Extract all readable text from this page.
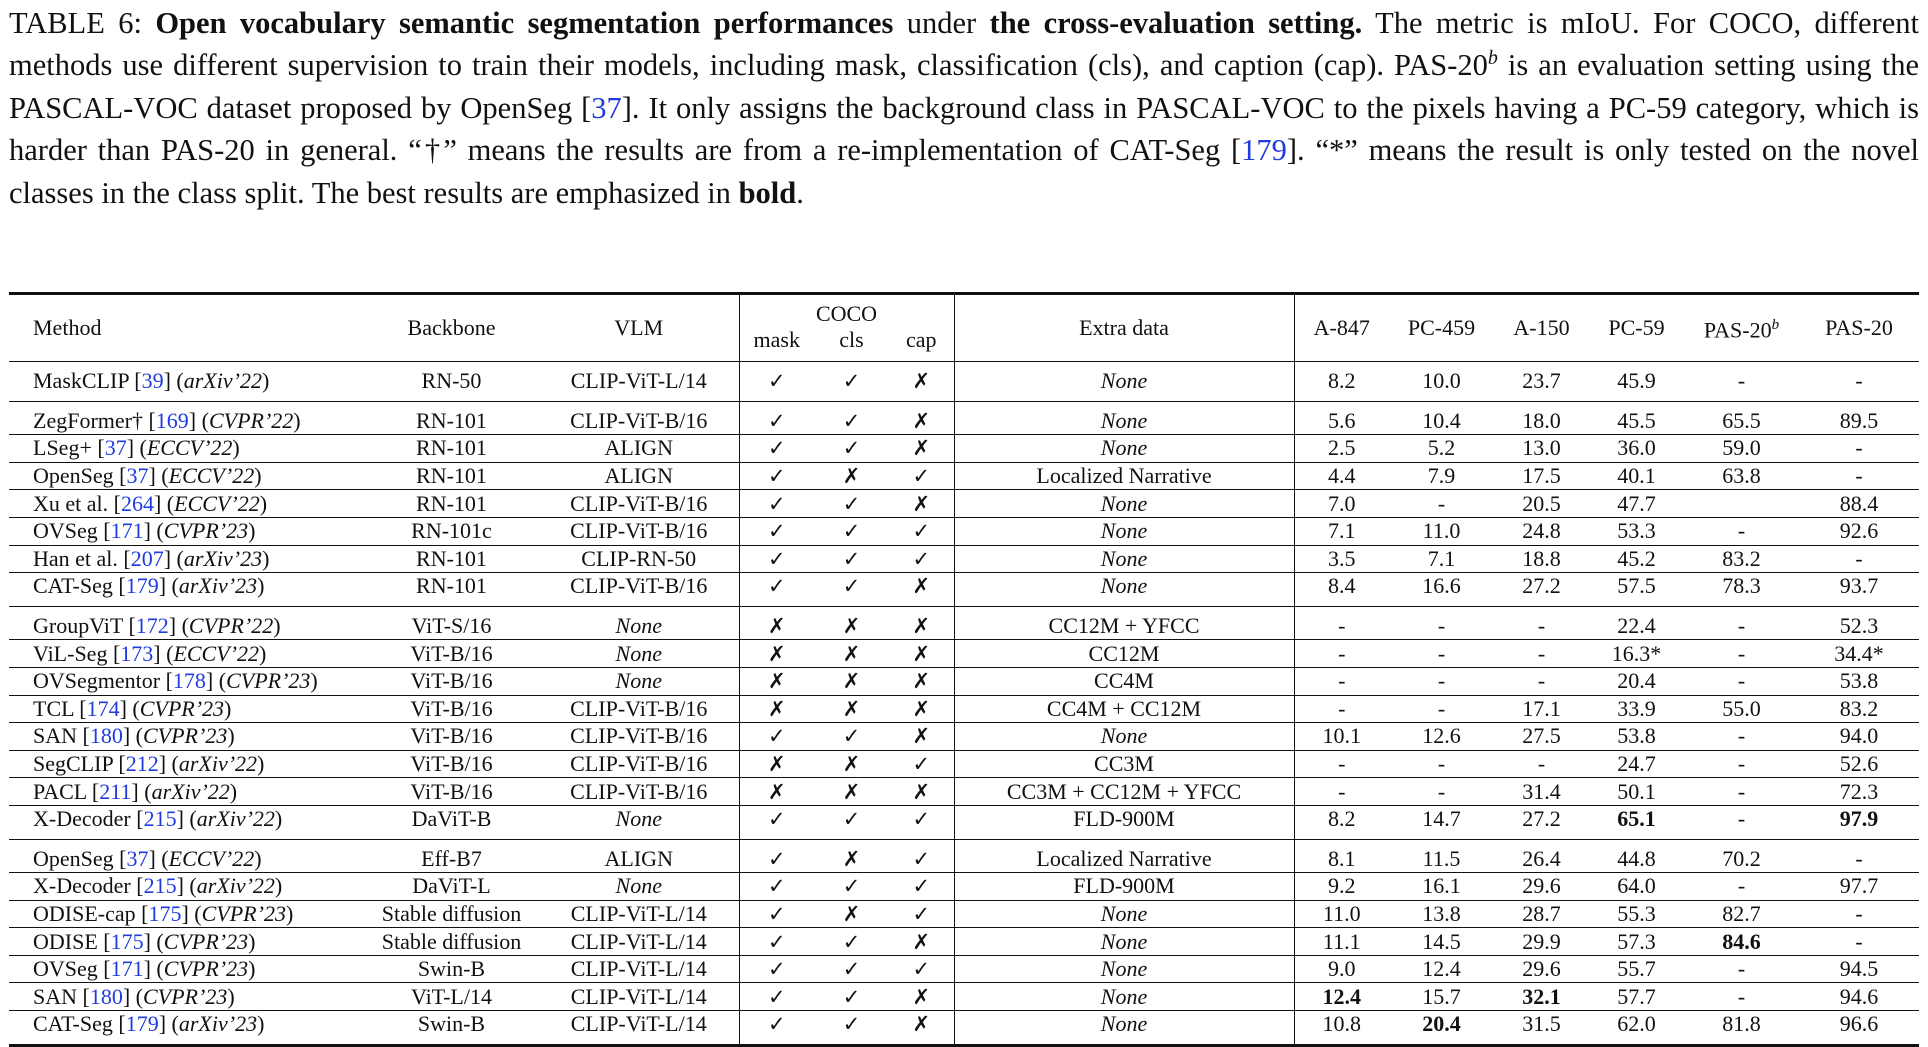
TABLE 6: Open vocabulary semantic segmentation performances under the cross-evaluation setting. The metric is mIoU. For COCO, different methods use different supervision to train their models, including mask, classification (cls), and caption (cap). PAS-20$^b$ is an evaluation setting using the PASCAL-VOC dataset proposed by OpenSeg [37]. It only assigns the background class in PASCAL-VOC to the pixels having a PC-59 category, which is harder than PAS-20 in general. “†” means the results are from a re-implementation of CAT-Seg [179]. “*” means the result is only tested on the novel classes in the class split. The best results are emphasized in bold.
Method	Backbone	VLM	COCO			Extra data	A-847	PC-459	A-150	PC-59	PAS-20$^b$	PAS-20
			mask	cls	cap							
MaskCLIP [39] (arXiv’22)	RN-50	CLIP-ViT-L/14	✓	✓	✗	None	8.2	10.0	23.7	45.9	-	-
ZegFormer† [169] (CVPR’22)	RN-101	CLIP-ViT-B/16	✓	✓	✗	None	5.6	10.4	18.0	45.5	65.5	89.5
LSeg+ [37] (ECCV’22)	RN-101	ALIGN	✓	✓	✗	None	2.5	5.2	13.0	36.0	59.0	-
OpenSeg [37] (ECCV’22)	RN-101	ALIGN	✓	✗	✓	Localized Narrative	4.4	7.9	17.5	40.1	63.8	-
Xu et al. [264] (ECCV’22)	RN-101	CLIP-ViT-B/16	✓	✓	✗	None	7.0	-	20.5	47.7		88.4
OVSeg [171] (CVPR’23)	RN-101c	CLIP-ViT-B/16	✓	✓	✓	None	7.1	11.0	24.8	53.3	-	92.6
Han et al. [207] (arXiv’23)	RN-101	CLIP-RN-50	✓	✓	✓	None	3.5	7.1	18.8	45.2	83.2	-
CAT-Seg [179] (arXiv’23)	RN-101	CLIP-ViT-B/16	✓	✓	✗	None	8.4	16.6	27.2	57.5	78.3	93.7
GroupViT [172] (CVPR’22)	ViT-S/16	None	✗	✗	✗	CC12M + YFCC	-	-	-	22.4	-	52.3
ViL-Seg [173] (ECCV’22)	ViT-B/16	None	✗	✗	✗	CC12M	-	-	-	16.3*	-	34.4*
OVSegmentor [178] (CVPR’23)	ViT-B/16	None	✗	✗	✗	CC4M	-	-	-	20.4	-	53.8
TCL [174] (CVPR’23)	ViT-B/16	CLIP-ViT-B/16	✗	✗	✗	CC4M + CC12M	-	-	17.1	33.9	55.0	83.2
SAN [180] (CVPR’23)	ViT-B/16	CLIP-ViT-B/16	✓	✓	✗	None	10.1	12.6	27.5	53.8	-	94.0
SegCLIP [212] (arXiv’22)	ViT-B/16	CLIP-ViT-B/16	✗	✗	✓	CC3M	-	-	-	24.7	-	52.6
PACL [211] (arXiv’22)	ViT-B/16	CLIP-ViT-B/16	✗	✗	✗	CC3M + CC12M + YFCC	-	-	31.4	50.1	-	72.3
X-Decoder [215] (arXiv’22)	DaViT-B	None	✓	✓	✓	FLD-900M	8.2	14.7	27.2	65.1	-	97.9
OpenSeg [37] (ECCV’22)	Eff-B7	ALIGN	✓	✗	✓	Localized Narrative	8.1	11.5	26.4	44.8	70.2	-
X-Decoder [215] (arXiv’22)	DaViT-L	None	✓	✓	✓	FLD-900M	9.2	16.1	29.6	64.0	-	97.7
ODISE-cap [175] (CVPR’23)	Stable diffusion	CLIP-ViT-L/14	✓	✗	✓	None	11.0	13.8	28.7	55.3	82.7	-
ODISE [175] (CVPR’23)	Stable diffusion	CLIP-ViT-L/14	✓	✓	✗	None	11.1	14.5	29.9	57.3	84.6	-
OVSeg [171] (CVPR’23)	Swin-B	CLIP-ViT-L/14	✓	✓	✓	None	9.0	12.4	29.6	55.7	-	94.5
SAN [180] (CVPR’23)	ViT-L/14	CLIP-ViT-L/14	✓	✓	✗	None	12.4	15.7	32.1	57.7	-	94.6
CAT-Seg [179] (arXiv’23)	Swin-B	CLIP-ViT-L/14	✓	✓	✗	None	10.8	20.4	31.5	62.0	81.8	96.6
